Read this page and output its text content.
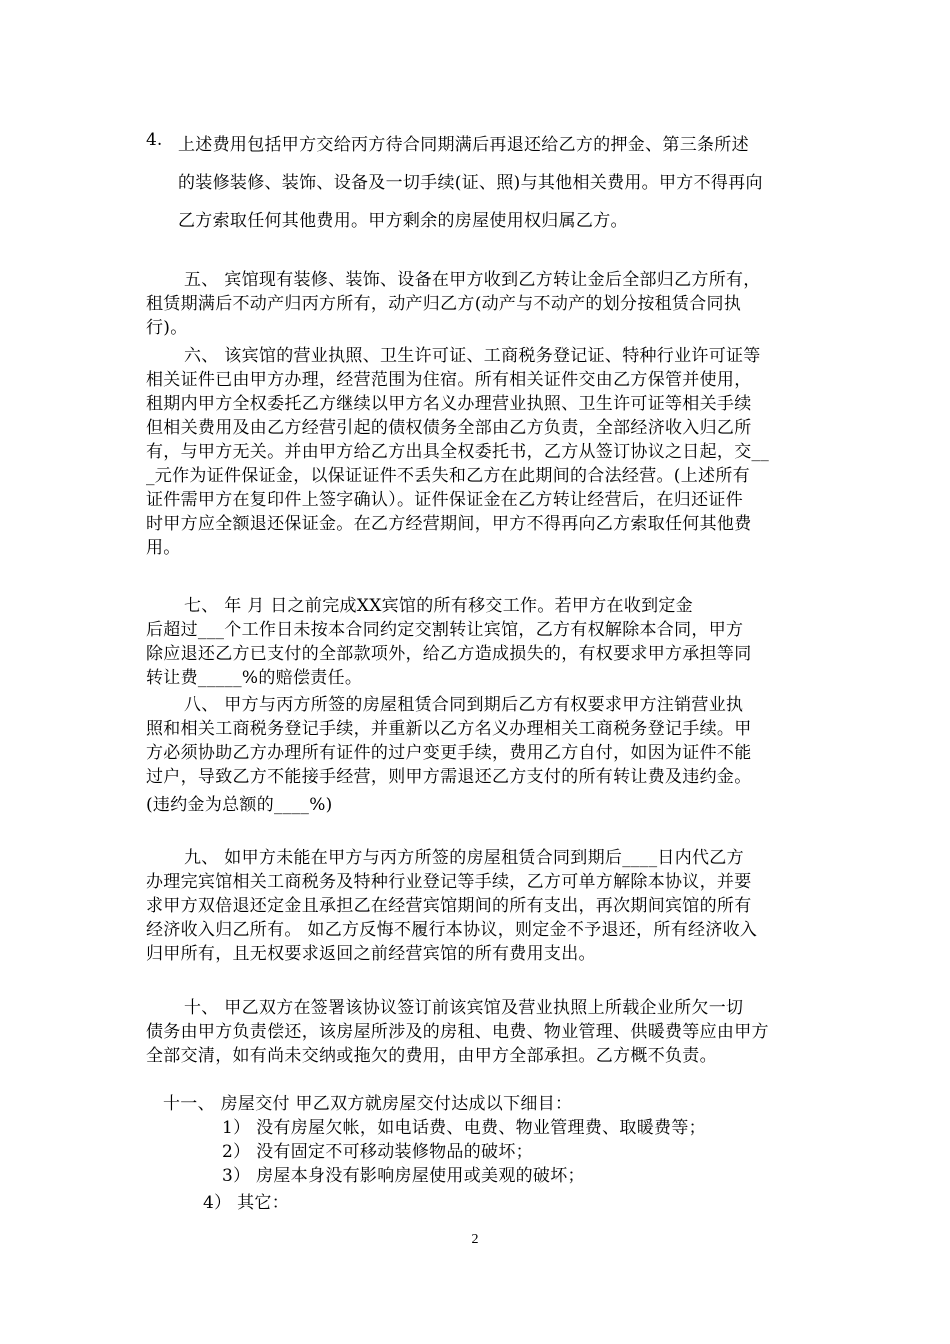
4. 上述费用包括甲方交给丙方待合同期满后再退还给乙方的押金、第三条所述
的装修装修、装饰、设备及一切手续(证、照)与其他相关费用。甲方不得再向
乙方索取任何其他费用。甲方剩余的房屋使用权归属乙方。
五、 宾馆现有装修、装饰、设备在甲方收到乙方转让金后全部归乙方所有，
租赁期满后不动产归丙方所有，动产归乙方(动产与不动产的划分按租赁合同执
行)。
六、 该宾馆的营业执照、卫生许可证、工商税务登记证、特种行业许可证等
相关证件已由甲方办理，经营范围为住宿。所有相关证件交由乙方保管并使用，
租期内甲方全权委托乙方继续以甲方名义办理营业执照、卫生许可证等相关手续
但相关费用及由乙方经营引起的债权债务全部由乙方负责，全部经济收入归乙所
有，与甲方无关。并由甲方给乙方出具全权委托书，乙方从签订协议之日起，交__
_元作为证件保证金，以保证证件不丢失和乙方在此期间的合法经营。(上述所有
证件需甲方在复印件上签字确认）。证件保证金在乙方转让经营后，在归还证件
时甲方应全额退还保证金。在乙方经营期间，甲方不得再向乙方索取任何其他费
用。
七、 年 月 日之前完成XX宾馆的所有移交工作。若甲方在收到定金
后超过___个工作日未按本合同约定交割转让宾馆，乙方有权解除本合同，甲方
除应退还乙方已支付的全部款项外，给乙方造成损失的，有权要求甲方承担等同
转让费_____%的赔偿责任。
八、 甲方与丙方所签的房屋租赁合同到期后乙方有权要求甲方注销营业执
照和相关工商税务登记手续，并重新以乙方名义办理相关工商税务登记手续。甲
方必须协助乙方办理所有证件的过户变更手续，费用乙方自付，如因为证件不能
过户，导致乙方不能接手经营，则甲方需退还乙方支付的所有转让费及违约金。
(违约金为总额的____%)
九、 如甲方未能在甲方与丙方所签的房屋租赁合同到期后____日内代乙方
办理完宾馆相关工商税务及特种行业登记等手续，乙方可单方解除本协议，并要
求甲方双倍退还定金且承担乙在经营宾馆期间的所有支出，再次期间宾馆的所有
经济收入归乙所有。 如乙方反悔不履行本协议，则定金不予退还，所有经济收入
归甲所有，且无权要求返回之前经营宾馆的所有费用支出。
十、 甲乙双方在签署该协议签订前该宾馆及营业执照上所载企业所欠一切
债务由甲方负责偿还，该房屋所涉及的房租、电费、物业管理、供暖费等应由甲方
全部交清，如有尚未交纳或拖欠的费用，由甲方全部承担。乙方概不负责。
十一、 房屋交付 甲乙双方就房屋交付达成以下细目：
1） 没有房屋欠帐，如电话费、电费、物业管理费、取暖费等；
2） 没有固定不可移动装修物品的破坏；
3） 房屋本身没有影响房屋使用或美观的破坏；
4） 其它：
2
